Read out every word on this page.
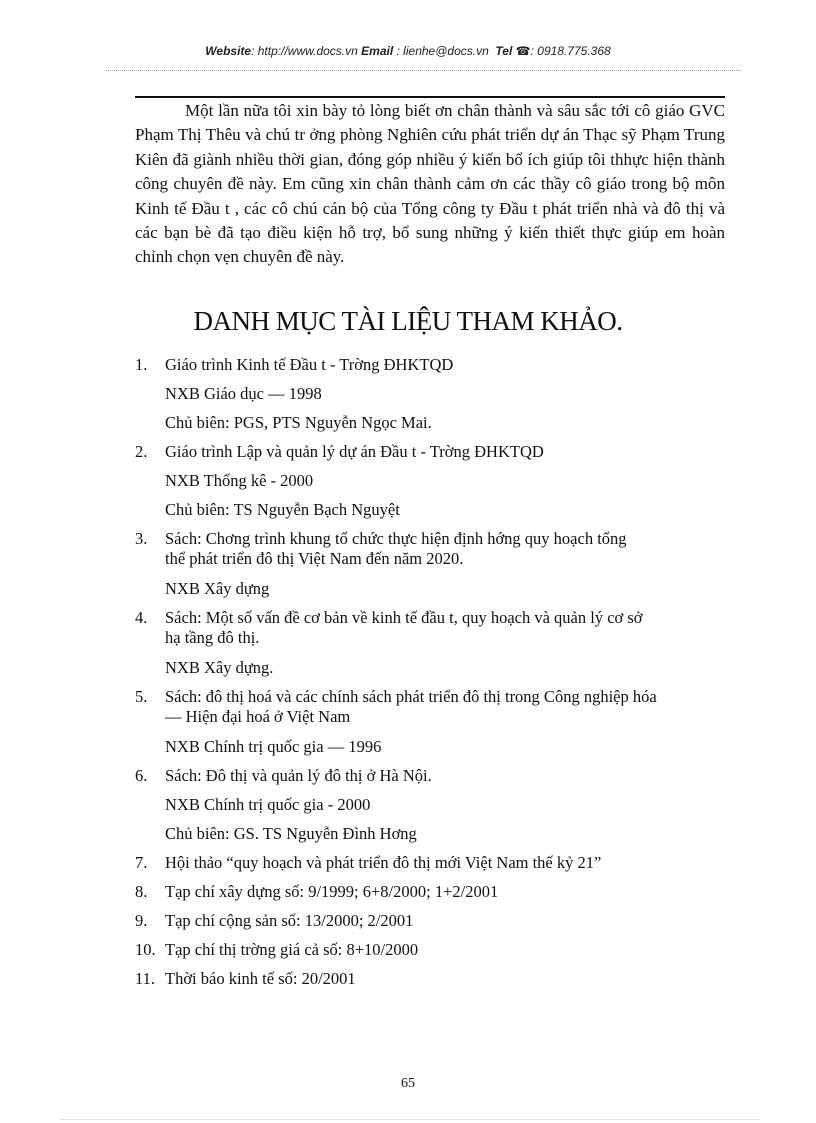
Website: http://www.docs.vn Email : lienhe@docs.vn Tel ☎: 0918.775.368

Một lần nữa tôi xin bày tỏ lòng biết ơn chân thành và sâu sắc tới cô giáo GVC Phạm Thị Thêu và chú tr ởng phòng Nghiên cứu phát triển dự án Thạc sỹ Phạm Trung Kiên đã giành nhiều thời gian, đóng góp nhiều ý kiến bổ ích giúp tôi thhực hiện thành công chuyên đề này. Em cũng xin chân thành cảm ơn các thầy cô giáo trong bộ môn Kinh tế Đầu t , các cô chú cán bộ của Tổng công ty Đầu t phát triển nhà và đô thị và các bạn bè đã tạo điều kiện hỗ trợ, bổ sung những ý kiến thiết thực giúp em hoàn chỉnh chọn vẹn chuyên đề này.

DANH MỤC TÀI LIỆU THAM KHẢO.
1. Giáo trình Kinh tế Đầu t - Trờng ĐHKTQD
NXB Giáo dục — 1998
Chủ biên: PGS, PTS Nguyễn Ngọc Mai.
2. Giáo trình Lập và quản lý dự án Đầu t - Trờng ĐHKTQD
NXB Thống kê - 2000
Chủ biên: TS Nguyễn Bạch Nguyệt
3. Sách: Chơng trình khung tổ chức thực hiện định hớng quy hoạch tổng
thể phát triển đô thị Việt Nam đến năm 2020.
NXB Xây dựng
4. Sách: Một số vấn đề cơ bản về kinh tế đầu t, quy hoạch và quản lý cơ sở
hạ tầng đô thị.
NXB Xây dựng.
5. Sách: đô thị hoá và các chính sách phát triển đô thị trong Công nghiệp hóa
— Hiện đại hoá ở Việt Nam
NXB Chính trị quốc gia — 1996
6. Sách: Đô thị và quản lý đô thị ở Hà Nội.
NXB Chính trị quốc gia - 2000
Chủ biên: GS. TS Nguyễn Đình Hơng
7. Hội thảo “quy hoạch và phát triển đô thị mới Việt Nam thế kỷ 21”
8. Tạp chí xây dựng số: 9/1999; 6+8/2000; 1+2/2001
9. Tạp chí cộng sản số: 13/2000; 2/2001
10. Tạp chí thị trờng giá cả số: 8+10/2000
11. Thời báo kinh tế số: 20/2001
65
